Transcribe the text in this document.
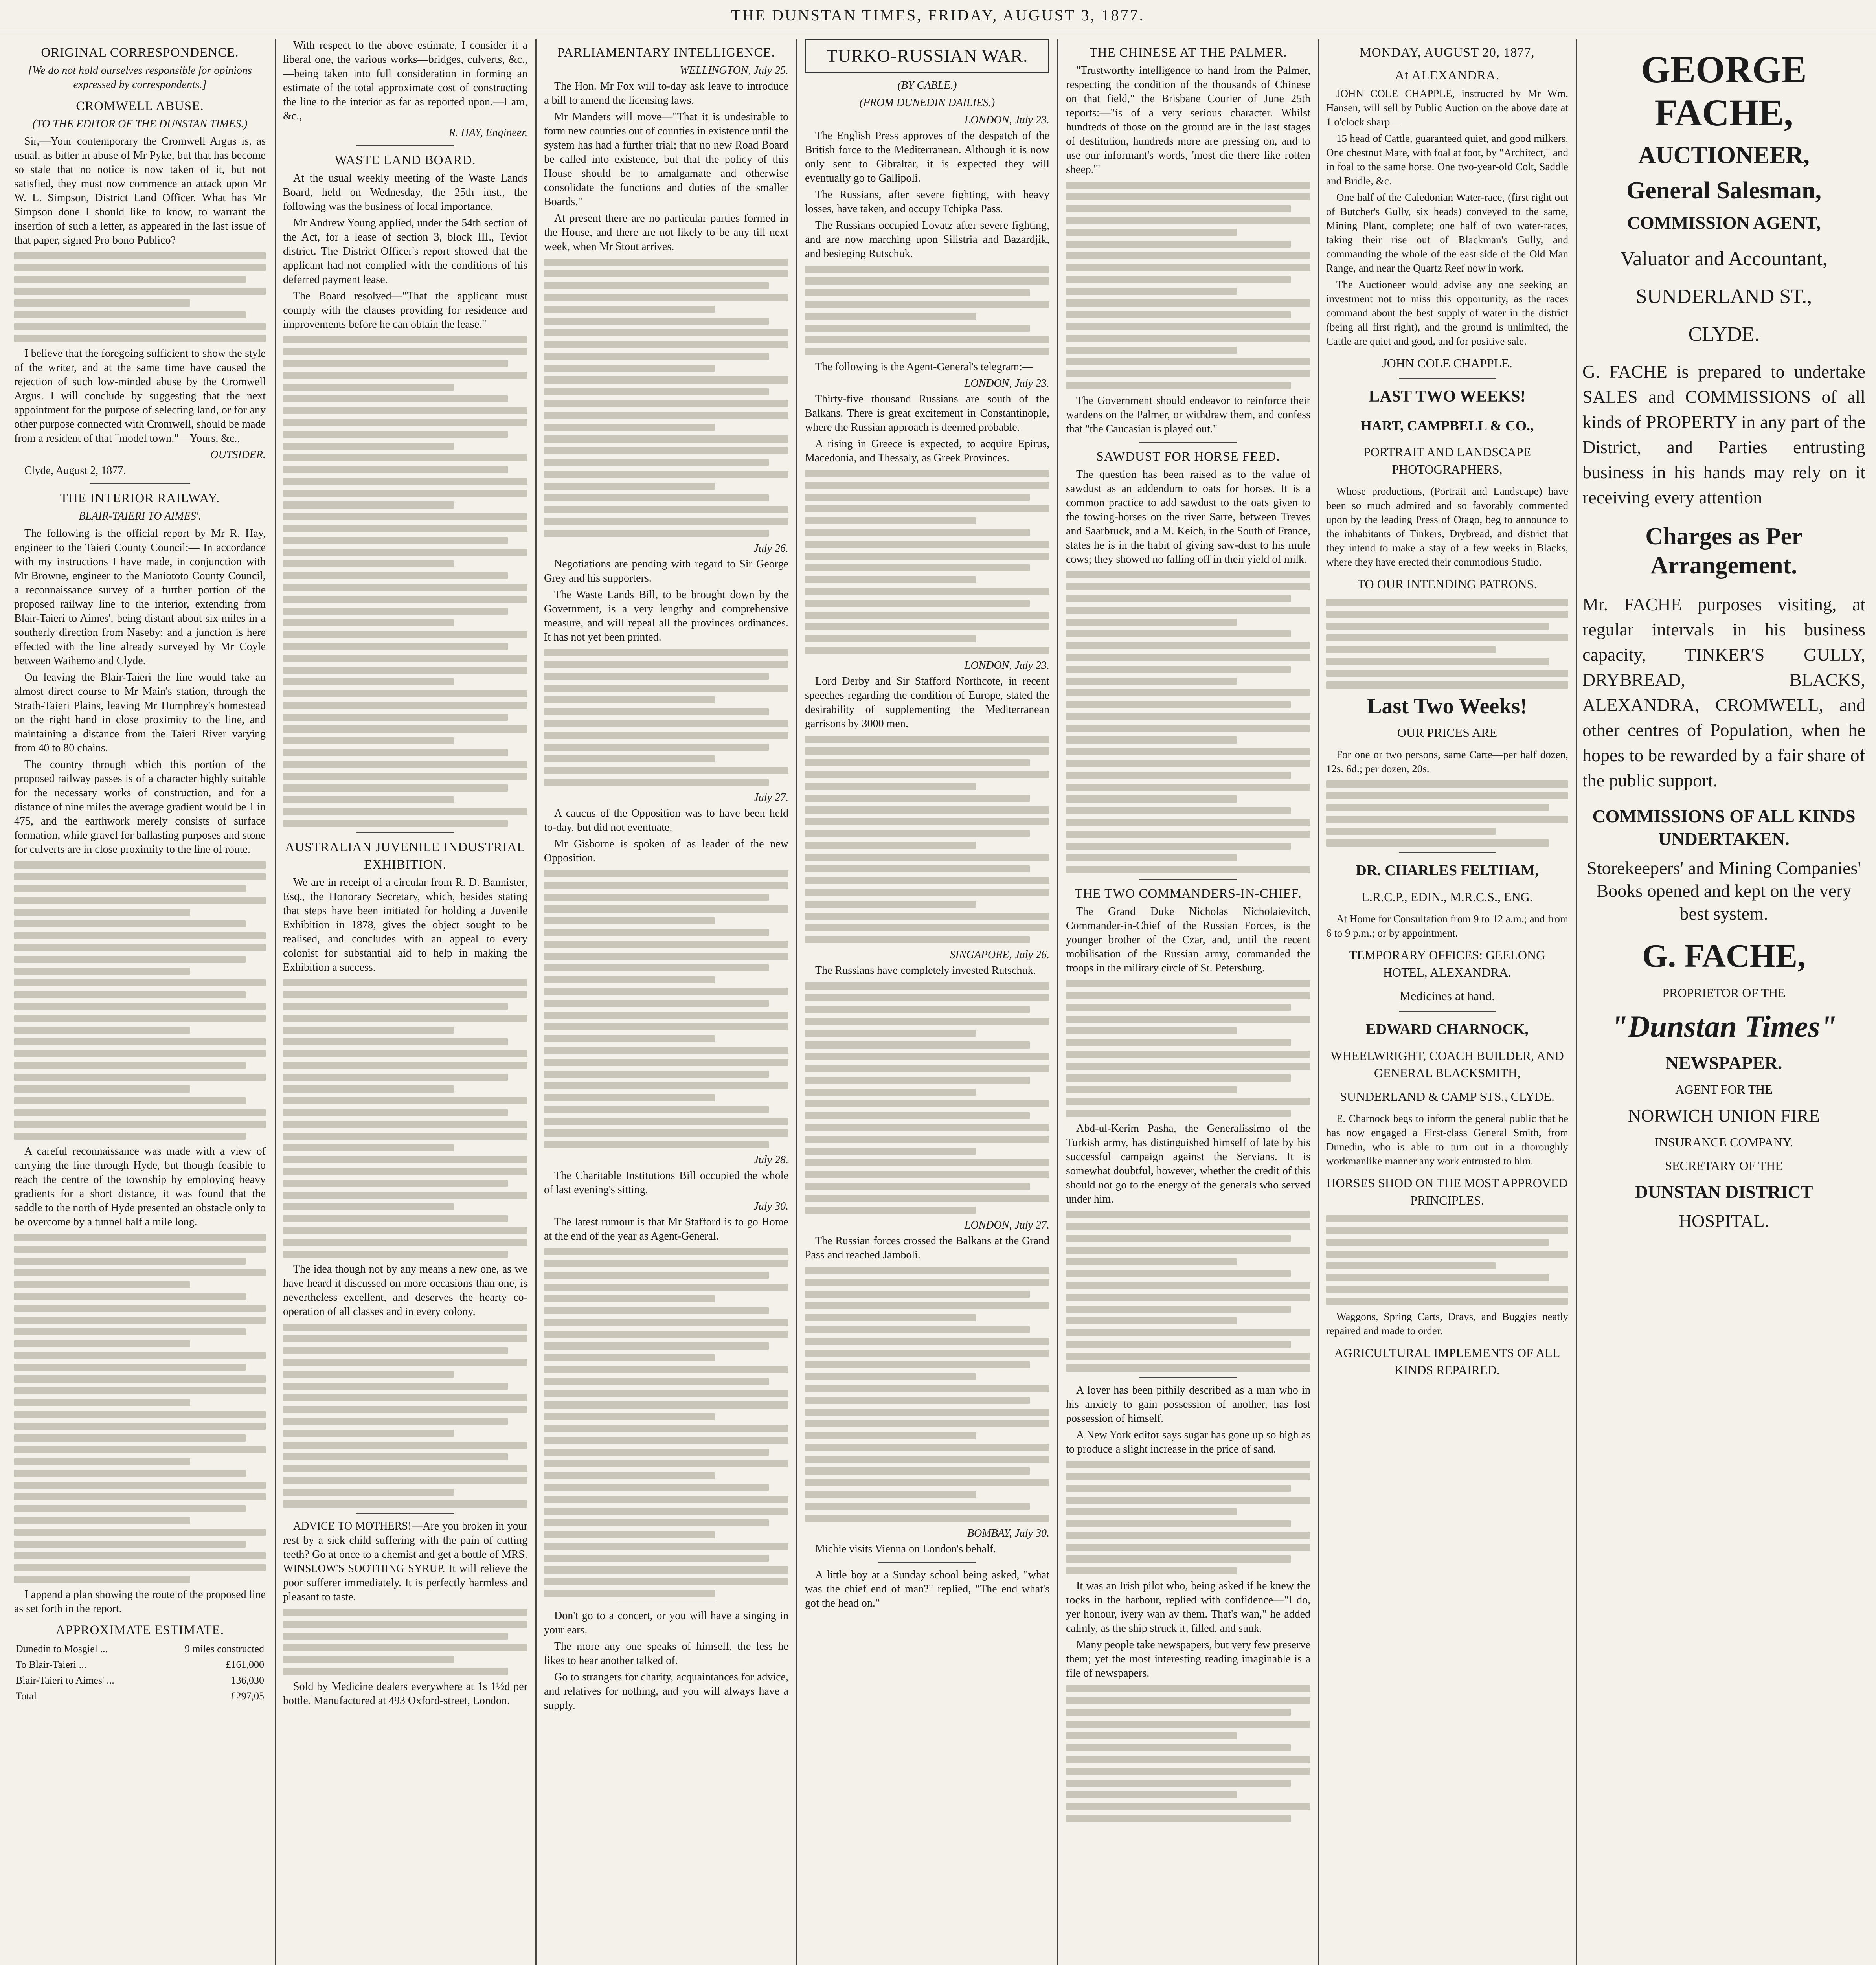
THE DUNSTAN TIMES, FRIDAY, AUGUST 3, 1877.
ORIGINAL CORRESPONDENCE.
[We do not hold ourselves responsible for opinions expressed by correspondents.]
CROMWELL ABUSE.
(TO THE EDITOR OF THE DUNSTAN TIMES.)

Sir,—Your contemporary the Cromwell Argus is, as usual, as bitter in abuse of Mr Pyke, but that has become so stale that no notice is now taken of it, but not satisfied, they must now commence an attack upon Mr W. L. Simpson, District Land Officer. What has Mr Simpson done I should like to know, to warrant the insertion of such a letter, as appeared in the last issue of that paper, signed Pro bono Publico?

I believe that the foregoing sufficient to show the style of the writer, and at the same time have caused the rejection of such low-minded abuse by the Cromwell Argus. I will conclude by suggesting that the next appointment for the purpose of selecting land, or for any other purpose connected with Cromwell, should be made from a resident of that "model town."—Yours, &c.,

OUTSIDER.

Clyde, August 2, 1877.

THE INTERIOR RAILWAY.
BLAIR-TAIERI TO AIMES'.

The following is the official report by Mr R. Hay, engineer to the Taieri County Council:— In accordance with my instructions I have made, in conjunction with Mr Browne, engineer to the Maniototo County Council, a reconnaissance survey of a further portion of the proposed railway line to the interior, extending from Blair-Taieri to Aimes', being distant about six miles in a southerly direction from Naseby; and a junction is here effected with the line already surveyed by Mr Coyle between Waihemo and Clyde.

On leaving the Blair-Taieri the line would take an almost direct course to Mr Main's station, through the Strath-Taieri Plains, leaving Mr Humphrey's homestead on the right hand in close proximity to the line, and maintaining a distance from the Taieri River varying from 40 to 80 chains.

The country through which this portion of the proposed railway passes is of a character highly suitable for the necessary works of construction, and for a distance of nine miles the average gradient would be 1 in 475, and the earthwork merely consists of surface formation, while gravel for ballasting purposes and stone for culverts are in close proximity to the line of route.

A careful reconnaissance was made with a view of carrying the line through Hyde, but though feasible to reach the centre of the township by employing heavy gradients for a short distance, it was found that the saddle to the north of Hyde presented an obstacle only to be overcome by a tunnel half a mile long.

I append a plan showing the route of the proposed line as set forth in the report.

APPROXIMATE ESTIMATE.
Dunedin to Mosgiel ...	9 miles constructed
To Blair-Taieri ...	£161,000
Blair-Taieri to Aimes' ...	136,030
Total	£297,05

With respect to the above estimate, I consider it a liberal one, the various works—bridges, culverts, &c.,—being taken into full consideration in forming an estimate of the total approximate cost of constructing the line to the interior as far as reported upon.—I am, &c.,

R. HAY, Engineer.
WASTE LAND BOARD.

At the usual weekly meeting of the Waste Lands Board, held on Wednesday, the 25th inst., the following was the business of local importance.

Mr Andrew Young applied, under the 54th section of the Act, for a lease of section 3, block III., Teviot district. The District Officer's report showed that the applicant had not complied with the conditions of his deferred payment lease.

The Board resolved—"That the applicant must comply with the clauses providing for residence and improvements before he can obtain the lease."

AUSTRALIAN JUVENILE INDUSTRIAL EXHIBITION.

We are in receipt of a circular from R. D. Bannister, Esq., the Honorary Secretary, which, besides stating that steps have been initiated for holding a Juvenile Exhibition in 1878, gives the object sought to be realised, and concludes with an appeal to every colonist for substantial aid to help in making the Exhibition a success.

The idea though not by any means a new one, as we have heard it discussed on more occasions than one, is nevertheless excellent, and deserves the hearty co-operation of all classes and in every colony.

ADVICE TO MOTHERS!—Are you broken in your rest by a sick child suffering with the pain of cutting teeth? Go at once to a chemist and get a bottle of MRS. WINSLOW'S SOOTHING SYRUP. It will relieve the poor sufferer immediately. It is perfectly harmless and pleasant to taste.

Sold by Medicine dealers everywhere at 1s 1½d per bottle. Manufactured at 493 Oxford-street, London.

PARLIAMENTARY INTELLIGENCE.
WELLINGTON, July 25.

The Hon. Mr Fox will to-day ask leave to introduce a bill to amend the licensing laws.

Mr Manders will move—"That it is undesirable to form new counties out of counties in existence until the system has had a further trial; that no new Road Board be called into existence, but that the policy of this House should be to amalgamate and otherwise consolidate the functions and duties of the smaller Boards."

At present there are no particular parties formed in the House, and there are not likely to be any till next week, when Mr Stout arrives.

July 26.

Negotiations are pending with regard to Sir George Grey and his supporters.

The Waste Lands Bill, to be brought down by the Government, is a very lengthy and comprehensive measure, and will repeal all the provinces ordinances. It has not yet been printed.

July 27.

A caucus of the Opposition was to have been held to-day, but did not eventuate.

Mr Gisborne is spoken of as leader of the new Opposition.

July 28.

The Charitable Institutions Bill occupied the whole of last evening's sitting.

July 30.

The latest rumour is that Mr Stafford is to go Home at the end of the year as Agent-General.

Don't go to a concert, or you will have a singing in your ears.

The more any one speaks of himself, the less he likes to hear another talked of.

Go to strangers for charity, acquaintances for advice, and relatives for nothing, and you will always have a supply.

TURKO-RUSSIAN WAR.
(BY CABLE.)
(FROM DUNEDIN DAILIES.)
LONDON, July 23.

The English Press approves of the despatch of the British force to the Mediterranean. Although it is now only sent to Gibraltar, it is expected they will eventually go to Gallipoli.

The Russians, after severe fighting, with heavy losses, have taken, and occupy Tchipka Pass.

The Russians occupied Lovatz after severe fighting, and are now marching upon Silistria and Bazardjik, and besieging Rutschuk.

The following is the Agent-General's telegram:—

LONDON, July 23.

Thirty-five thousand Russians are south of the Balkans. There is great excitement in Constantinople, where the Russian approach is deemed probable.

A rising in Greece is expected, to acquire Epirus, Macedonia, and Thessaly, as Greek Provinces.

LONDON, July 23.

Lord Derby and Sir Stafford Northcote, in recent speeches regarding the condition of Europe, stated the desirability of supplementing the Mediterranean garrisons by 3000 men.

SINGAPORE, July 26.

The Russians have completely invested Rutschuk.

LONDON, July 27.

The Russian forces crossed the Balkans at the Grand Pass and reached Jamboli.

BOMBAY, July 30.

Michie visits Vienna on London's behalf.

A little boy at a Sunday school being asked, "what was the chief end of man?" replied, "The end what's got the head on."

THE CHINESE AT THE PALMER.

"Trustworthy intelligence to hand from the Palmer, respecting the condition of the thousands of Chinese on that field," the Brisbane Courier of June 25th reports:—"is of a very serious character. Whilst hundreds of those on the ground are in the last stages of destitution, hundreds more are pressing on, and to use our informant's words, 'most die there like rotten sheep.'"

The Government should endeavor to reinforce their wardens on the Palmer, or withdraw them, and confess that "the Caucasian is played out."

SAWDUST FOR HORSE FEED.

The question has been raised as to the value of sawdust as an addendum to oats for horses. It is a common practice to add sawdust to the oats given to the towing-horses on the river Sarre, between Treves and Saarbruck, and a M. Keich, in the South of France, states he is in the habit of giving saw-dust to his mule cows; they showed no falling off in their yield of milk.

THE TWO COMMANDERS-IN-CHIEF.

The Grand Duke Nicholas Nicholaievitch, Commander-in-Chief of the Russian Forces, is the younger brother of the Czar, and, until the recent mobilisation of the Russian army, commanded the troops in the military circle of St. Petersburg.

Abd-ul-Kerim Pasha, the Generalissimo of the Turkish army, has distinguished himself of late by his successful campaign against the Servians. It is somewhat doubtful, however, whether the credit of this should not go to the energy of the generals who served under him.

A lover has been pithily described as a man who in his anxiety to gain possession of another, has lost possession of himself.

A New York editor says sugar has gone up so high as to produce a slight increase in the price of sand.

It was an Irish pilot who, being asked if he knew the rocks in the harbour, replied with confidence—"I do, yer honour, ivery wan av them. That's wan," he added calmly, as the ship struck it, filled, and sunk.

Many people take newspapers, but very few preserve them; yet the most interesting reading imaginable is a file of newspapers.

MONDAY, AUGUST 20, 1877,
At ALEXANDRA.

JOHN COLE CHAPPLE, instructed by Mr Wm. Hansen, will sell by Public Auction on the above date at 1 o'clock sharp—

15 head of Cattle, guaranteed quiet, and good milkers. One chestnut Mare, with foal at foot, by "Architect," and in foal to the same horse. One two-year-old Colt, Saddle and Bridle, &c.

One half of the Caledonian Water-race, (first right out of Butcher's Gully, six heads) conveyed to the same, Mining Plant, complete; one half of two water-races, taking their rise out of Blackman's Gully, and commanding the whole of the east side of the Old Man Range, and near the Quartz Reef now in work.

The Auctioneer would advise any one seeking an investment not to miss this opportunity, as the races command about the best supply of water in the district (being all first right), and the ground is unlimited, the Cattle are quiet and good, and for positive sale.

JOHN COLE CHAPPLE.
LAST TWO WEEKS!
HART, CAMPBELL & CO.,
PORTRAIT AND LANDSCAPE PHOTOGRAPHERS,

Whose productions, (Portrait and Landscape) have been so much admired and so favorably commented upon by the leading Press of Otago, beg to announce to the inhabitants of Tinkers, Drybread, and district that they intend to make a stay of a few weeks in Blacks, where they have erected their commodious Studio.

TO OUR INTENDING PATRONS.
Last Two Weeks!
OUR PRICES ARE

For one or two persons, same Carte—per half dozen, 12s. 6d.; per dozen, 20s.

DR. CHARLES FELTHAM,
L.R.C.P., EDIN., M.R.C.S., ENG.

At Home for Consultation from 9 to 12 a.m.; and from 6 to 9 p.m.; or by appointment.

TEMPORARY OFFICES: GEELONG HOTEL, ALEXANDRA.
Medicines at hand.
EDWARD CHARNOCK,
WHEELWRIGHT, COACH BUILDER, AND GENERAL BLACKSMITH,
SUNDERLAND & CAMP STS., CLYDE.

E. Charnock begs to inform the general public that he has now engaged a First-class General Smith, from Dunedin, who is able to turn out in a thoroughly workmanlike manner any work entrusted to him.

HORSES SHOD ON THE MOST APPROVED PRINCIPLES.

Waggons, Spring Carts, Drays, and Buggies neatly repaired and made to order.

AGRICULTURAL IMPLEMENTS OF ALL KINDS REPAIRED.
GEORGE FACHE,
AUCTIONEER,
General Salesman,
COMMISSION AGENT,
Valuator and Accountant,
SUNDERLAND ST.,
CLYDE.

G. FACHE is prepared to undertake SALES and COMMISSIONS of all kinds of PROPERTY in any part of the District, and Parties entrusting business in his hands may rely on it receiving every attention

Charges as Per Arrangement.

Mr. FACHE purposes visiting, at regular intervals in his business capacity, TINKER'S GULLY, DRYBREAD, BLACKS, ALEXANDRA, CROMWELL, and other centres of Population, when he hopes to be rewarded by a fair share of the public support.

COMMISSIONS OF ALL KINDS UNDERTAKEN.
Storekeepers' and Mining Companies' Books opened and kept on the very best system.
G. FACHE,
PROPRIETOR OF THE
"Dunstan Times"
NEWSPAPER.
AGENT FOR THE
NORWICH UNION FIRE
INSURANCE COMPANY.
SECRETARY OF THE
DUNSTAN DISTRICT
HOSPITAL.
